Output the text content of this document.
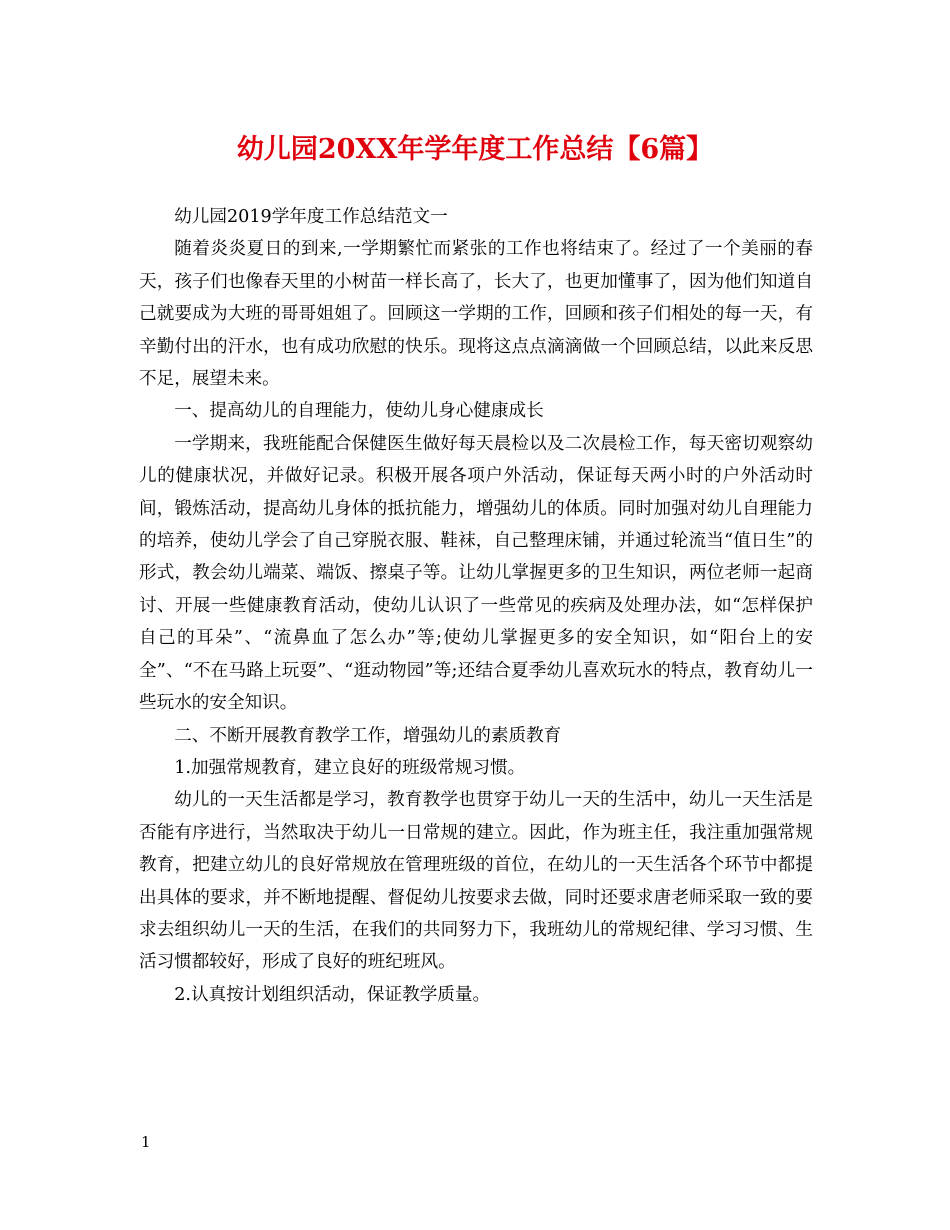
幼儿园20XX年学年度工作总结【6篇】

幼儿园2019学年度工作总结范文一

随着炎炎夏日的到来,一学期繁忙而紧张的工作也将结束了。经过了一个美丽的春天，孩子们也像春天里的小树苗一样长高了，长大了，也更加懂事了，因为他们知道自己就要成为大班的哥哥姐姐了。回顾这一学期的工作，回顾和孩子们相处的每一天，有辛勤付出的汗水，也有成功欣慰的快乐。现将这点点滴滴做一个回顾总结，以此来反思不足，展望未来。

一、提高幼儿的自理能力，使幼儿身心健康成长

一学期来，我班能配合保健医生做好每天晨检以及二次晨检工作，每天密切观察幼儿的健康状况，并做好记录。积极开展各项户外活动，保证每天两小时的户外活动时间，锻炼活动，提高幼儿身体的抵抗能力，增强幼儿的体质。同时加强对幼儿自理能力的培养，使幼儿学会了自己穿脱衣服、鞋袜，自己整理床铺，并通过轮流当“值日生”的形式，教会幼儿端菜、端饭、擦桌子等。让幼儿掌握更多的卫生知识，两位老师一起商讨、开展一些健康教育活动，使幼儿认识了一些常见的疾病及处理办法，如“怎样保护自己的耳朵”、“流鼻血了怎么办”等;使幼儿掌握更多的安全知识，如“阳台上的安全”、“不在马路上玩耍”、“逛动物园”等;还结合夏季幼儿喜欢玩水的特点，教育幼儿一些玩水的安全知识。

二、不断开展教育教学工作，增强幼儿的素质教育

1.加强常规教育，建立良好的班级常规习惯。

幼儿的一天生活都是学习，教育教学也贯穿于幼儿一天的生活中，幼儿一天生活是否能有序进行，当然取决于幼儿一日常规的建立。因此，作为班主任，我注重加强常规教育，把建立幼儿的良好常规放在管理班级的首位，在幼儿的一天生活各个环节中都提出具体的要求，并不断地提醒、督促幼儿按要求去做，同时还要求唐老师采取一致的要求去组织幼儿一天的生活，在我们的共同努力下，我班幼儿的常规纪律、学习习惯、生活习惯都较好，形成了良好的班纪班风。

2.认真按计划组织活动，保证教学质量。

1
